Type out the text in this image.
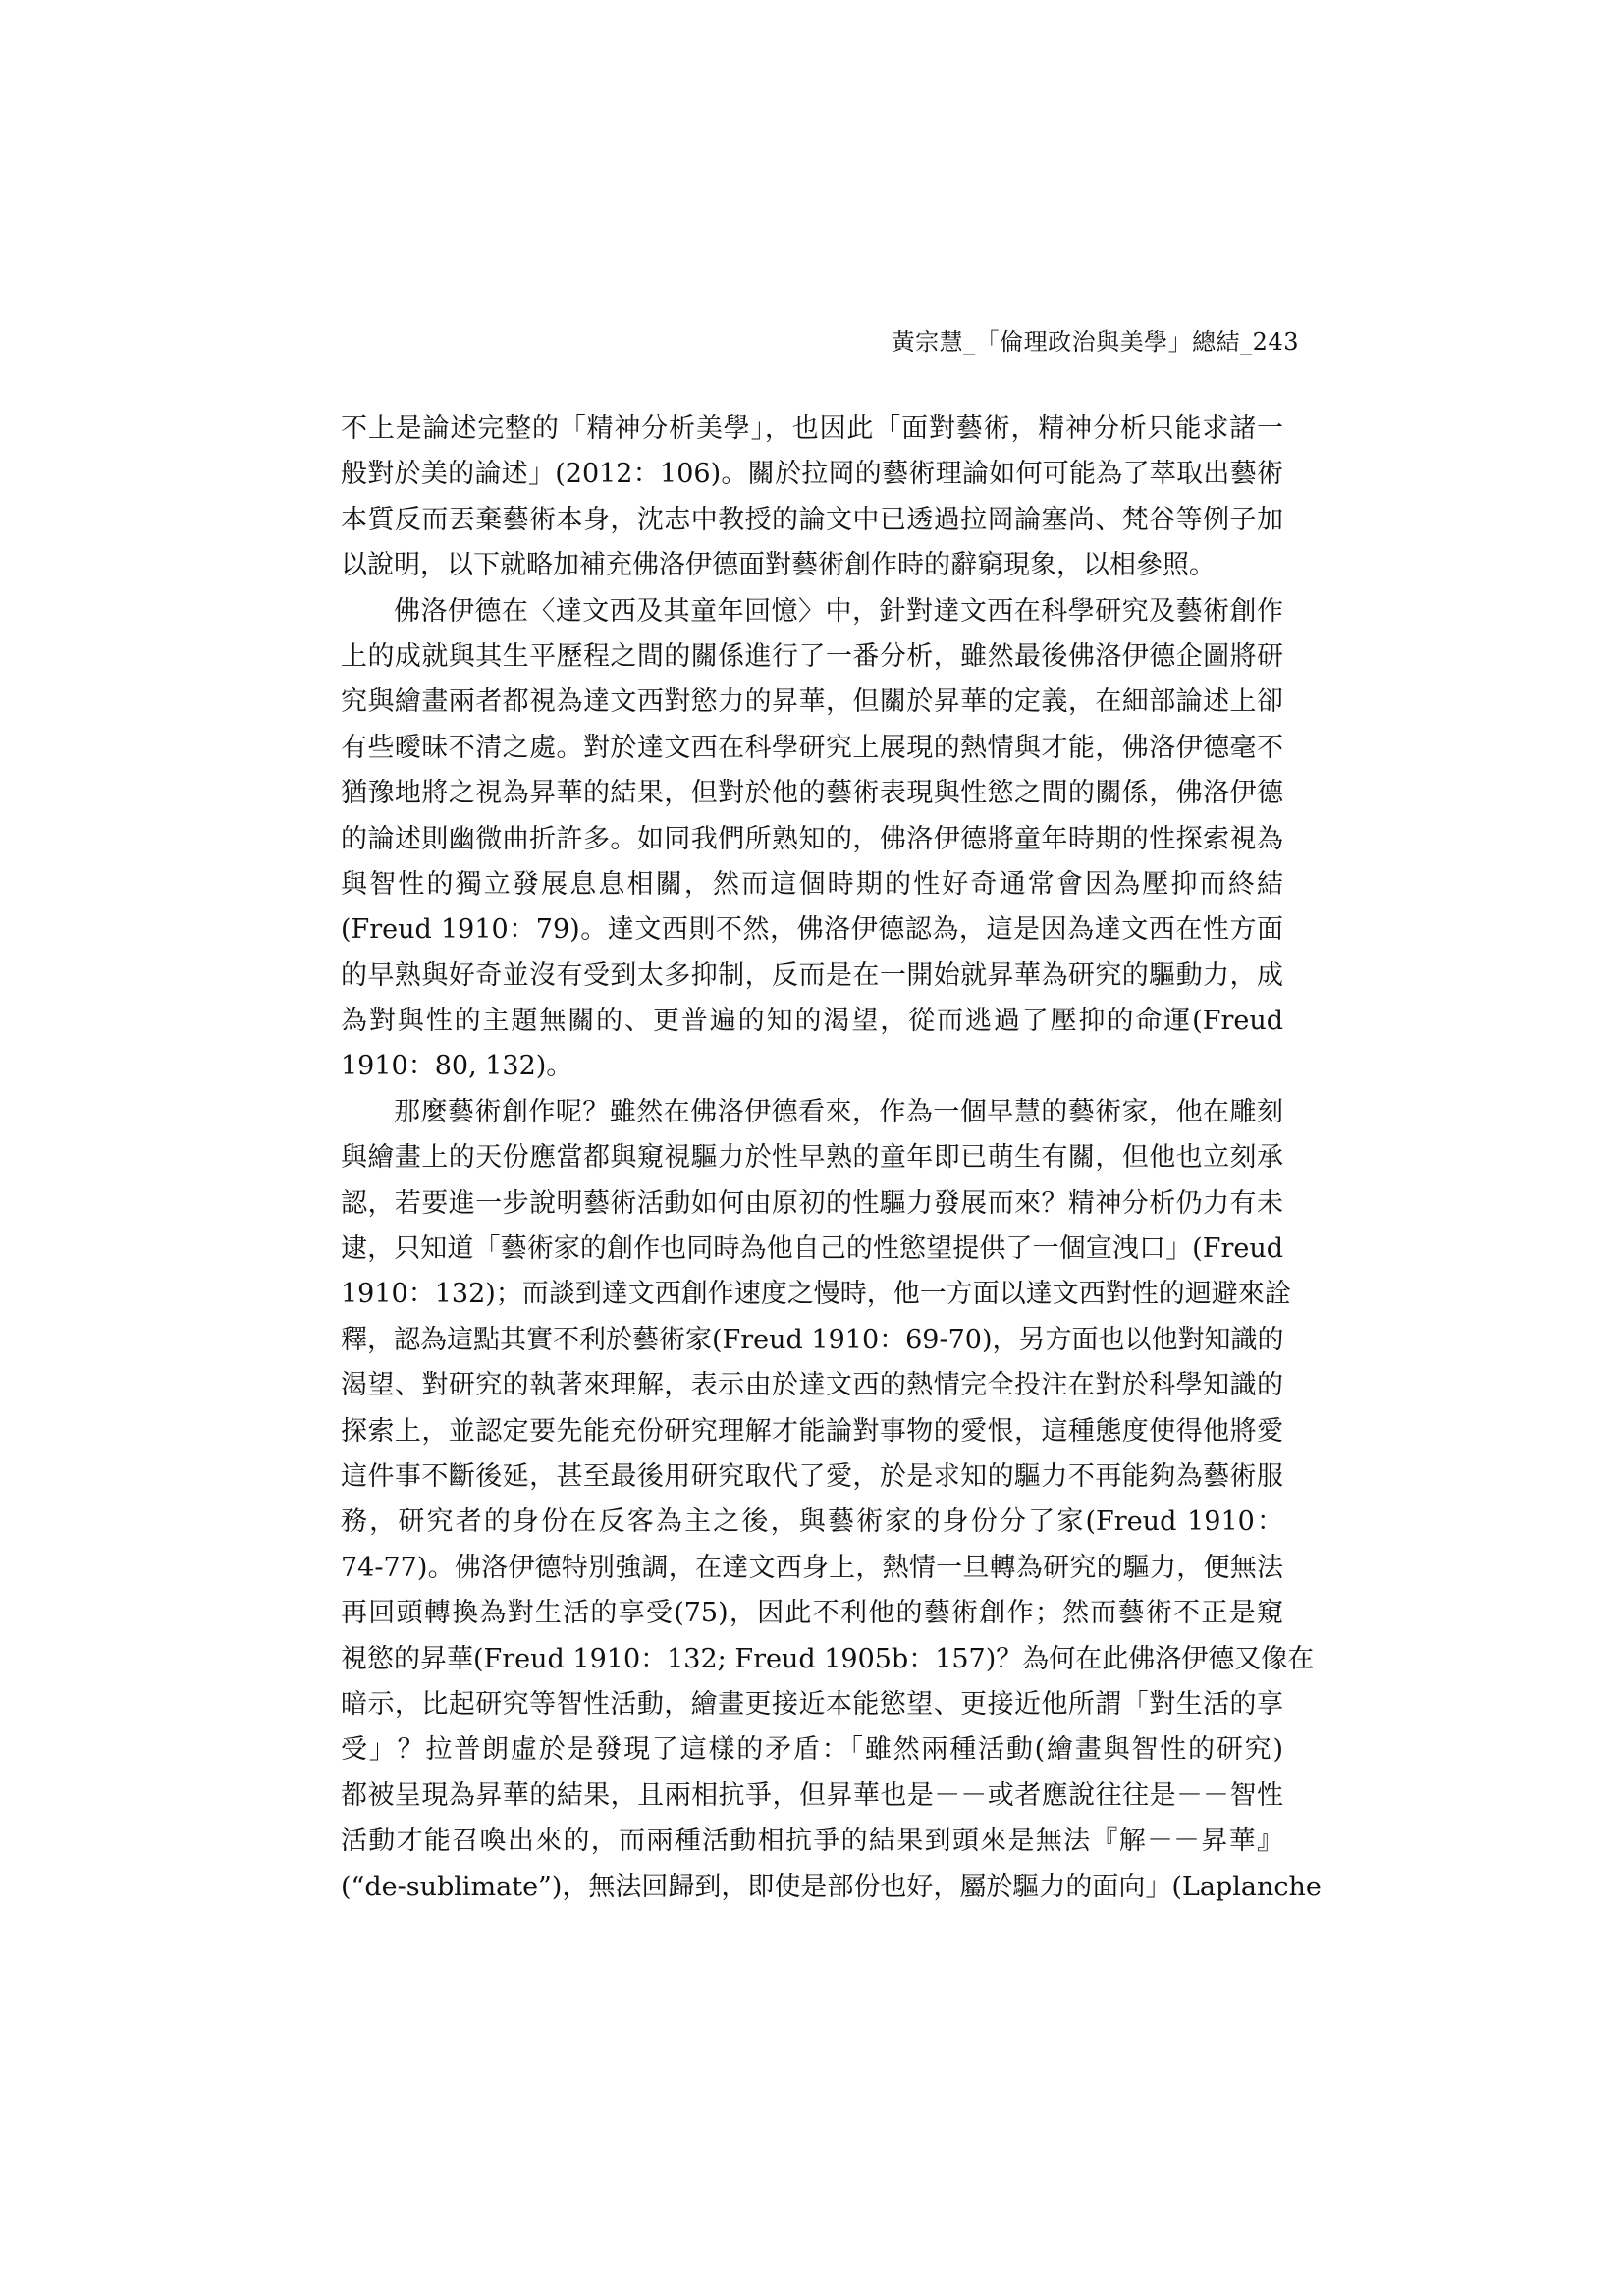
黃宗慧_「倫理政治與美學」總結_243
不上是論述完整的「精神分析美學」，也因此「面對藝術，精神分析只能求諸一
般對於美的論述」(2012：106)。關於拉岡的藝術理論如何可能為了萃取出藝術
本質反而丟棄藝術本身，沈志中教授的論文中已透過拉岡論塞尚、梵谷等例子加
以說明，以下就略加補充佛洛伊德面對藝術創作時的辭窮現象，以相參照。
佛洛伊德在〈達文西及其童年回憶〉中，針對達文西在科學研究及藝術創作
上的成就與其生平歷程之間的關係進行了一番分析，雖然最後佛洛伊德企圖將研
究與繪畫兩者都視為達文西對慾力的昇華，但關於昇華的定義，在細部論述上卻
有些曖昧不清之處。對於達文西在科學研究上展現的熱情與才能，佛洛伊德毫不
猶豫地將之視為昇華的結果，但對於他的藝術表現與性慾之間的關係，佛洛伊德
的論述則幽微曲折許多。如同我們所熟知的，佛洛伊德將童年時期的性探索視為
與智性的獨立發展息息相關，然而這個時期的性好奇通常會因為壓抑而終結
(Freud 1910：79)。達文西則不然，佛洛伊德認為，這是因為達文西在性方面
的早熟與好奇並沒有受到太多抑制，反而是在一開始就昇華為研究的驅動力，成
為對與性的主題無關的、更普遍的知的渴望，從而逃過了壓抑的命運(Freud
1910：80, 132)。
那麼藝術創作呢？雖然在佛洛伊德看來，作為一個早慧的藝術家，他在雕刻
與繪畫上的天份應當都與窺視驅力於性早熟的童年即已萌生有關，但他也立刻承
認，若要進一步說明藝術活動如何由原初的性驅力發展而來？精神分析仍力有未
逮，只知道「藝術家的創作也同時為他自己的性慾望提供了一個宣洩口」(Freud
1910：132)；而談到達文西創作速度之慢時，他一方面以達文西對性的迴避來詮
釋，認為這點其實不利於藝術家(Freud 1910：69-70)，另方面也以他對知識的
渴望、對研究的執著來理解，表示由於達文西的熱情完全投注在對於科學知識的
探索上，並認定要先能充份研究理解才能論對事物的愛恨，這種態度使得他將愛
這件事不斷後延，甚至最後用研究取代了愛，於是求知的驅力不再能夠為藝術服
務，研究者的身份在反客為主之後，與藝術家的身份分了家(Freud 1910：
74-77)。佛洛伊德特別強調，在達文西身上，熱情一旦轉為研究的驅力，便無法
再回頭轉換為對生活的享受(75)，因此不利他的藝術創作；然而藝術不正是窺
視慾的昇華(Freud 1910：132; Freud 1905b：157)？為何在此佛洛伊德又像在
暗示，比起研究等智性活動，繪畫更接近本能慾望、更接近他所謂「對生活的享
受」？拉普朗虛於是發現了這樣的矛盾：「雖然兩種活動(繪畫與智性的研究)
都被呈現為昇華的結果，且兩相抗爭，但昇華也是－－或者應說往往是－－智性
活動才能召喚出來的，而兩種活動相抗爭的結果到頭來是無法『解－－昇華』
(“de-sublimate”)，無法回歸到，即使是部份也好，屬於驅力的面向」(Laplanche
